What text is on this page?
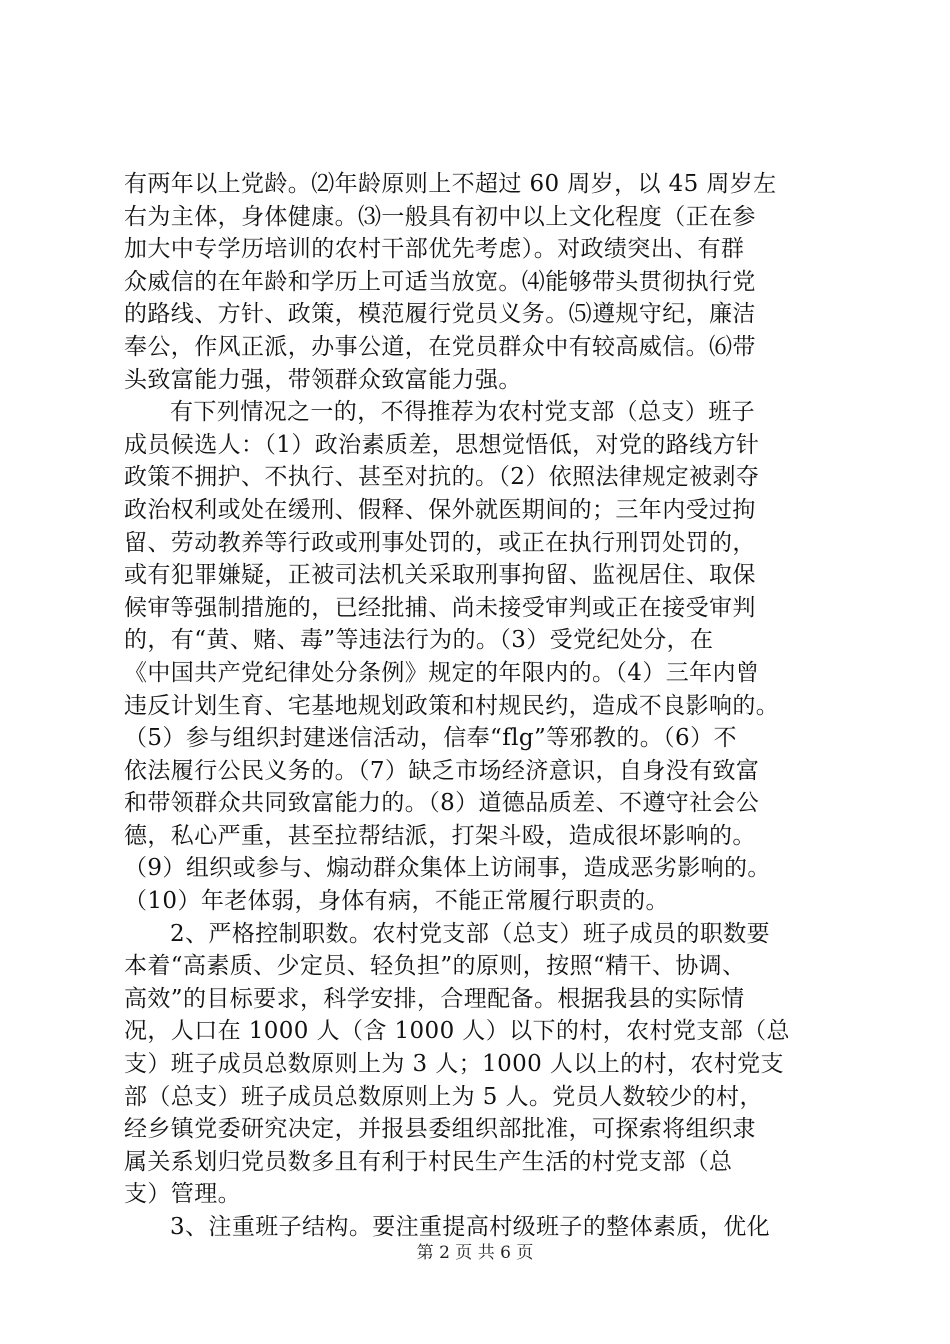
有两年以上党龄。⑵年龄原则上不超过 60 周岁，以 45 周岁左
右为主体，身体健康。⑶一般具有初中以上文化程度（正在参
加大中专学历培训的农村干部优先考虑）。对政绩突出、有群
众威信的在年龄和学历上可适当放宽。⑷能够带头贯彻执行党
的路线、方针、政策，模范履行党员义务。⑸遵规守纪，廉洁
奉公，作风正派，办事公道，在党员群众中有较高威信。⑹带
头致富能力强，带领群众致富能力强。
有下列情况之一的，不得推荐为农村党支部（总支）班子
成员候选人：（1）政治素质差，思想觉悟低，对党的路线方针
政策不拥护、不执行、甚至对抗的。（2）依照法律规定被剥夺
政治权利或处在缓刑、假释、保外就医期间的；三年内受过拘
留、劳动教养等行政或刑事处罚的，或正在执行刑罚处罚的，
或有犯罪嫌疑，正被司法机关采取刑事拘留、监视居住、取保
候审等强制措施的，已经批捕、尚未接受审判或正在接受审判
的，有“黄、赌、毒”等违法行为的。（3）受党纪处分，在
《中国共产党纪律处分条例》规定的年限内的。（4）三年内曾
违反计划生育、宅基地规划政策和村规民约，造成不良影响的。
（5）参与组织封建迷信活动，信奉“flg”等邪教的。（6）不
依法履行公民义务的。（7）缺乏市场经济意识，自身没有致富
和带领群众共同致富能力的。（8）道德品质差、不遵守社会公
德，私心严重，甚至拉帮结派，打架斗殴，造成很坏影响的。
（9）组织或参与、煽动群众集体上访闹事，造成恶劣影响的。
（10）年老体弱，身体有病，不能正常履行职责的。
2、严格控制职数。农村党支部（总支）班子成员的职数要
本着“高素质、少定员、轻负担”的原则，按照“精干、协调、
高效”的目标要求，科学安排，合理配备。根据我县的实际情
况，人口在 1000 人（含 1000 人）以下的村，农村党支部（总
支）班子成员总数原则上为 3 人；1000 人以上的村，农村党支
部（总支）班子成员总数原则上为 5 人。党员人数较少的村，
经乡镇党委研究决定，并报县委组织部批准，可探索将组织隶
属关系划归党员数多且有利于村民生产生活的村党支部（总
支）管理。
3、注重班子结构。要注重提高村级班子的整体素质，优化
第 2 页 共 6 页
